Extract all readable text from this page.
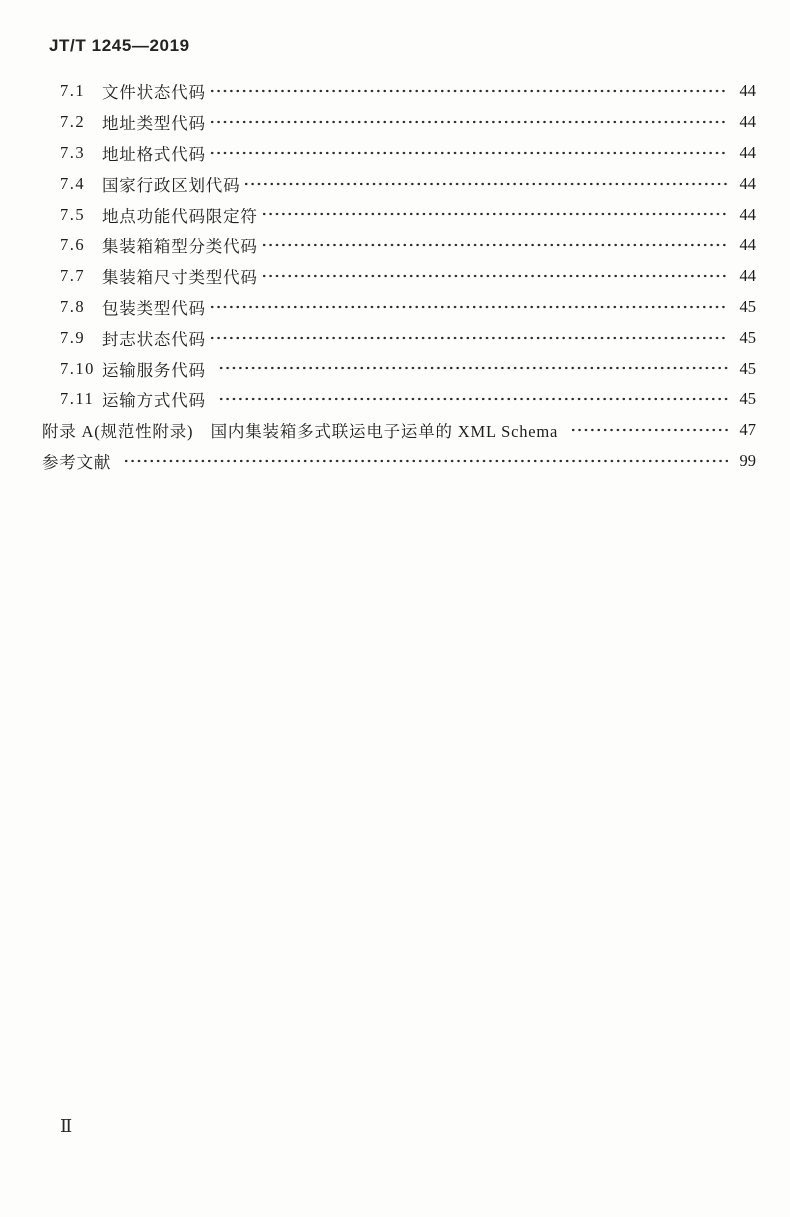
JT/T 1245—2019
7.1	文件状态代码	44
7.2	地址类型代码	44
7.3	地址格式代码	44
7.4	国家行政区划代码	44
7.5	地点功能代码限定符	44
7.6	集装箱箱型分类代码	44
7.7	集装箱尺寸类型代码	44
7.8	包装类型代码	45
7.9	封志状态代码	45
7.10 运输服务代码	45
7.11 运输方式代码	45
附录 A(规范性附录)　国内集装箱多式联运电子运单的 XML Schema	47
参考文献	99
Ⅱ
